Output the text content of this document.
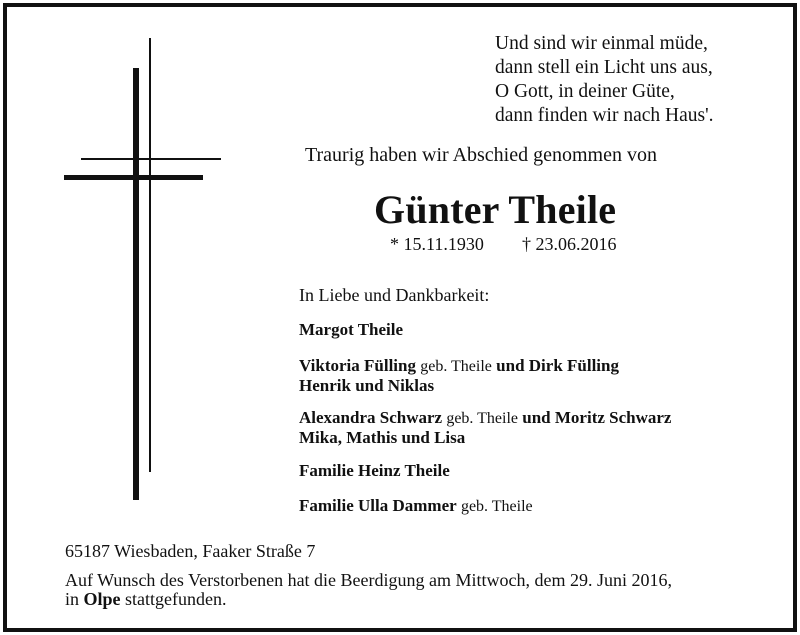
Und sind wir einmal müde,
dann stell ein Licht uns aus,
O Gott, in deiner Güte,
dann finden wir nach Haus'.
Traurig haben wir Abschied genommen von
Günter Theile
* 15.11.1930 † 23.06.2016
In Liebe und Dankbarkeit:
Margot Theile
Viktoria Fülling geb. Theile und Dirk Fülling
Henrik und Niklas
Alexandra Schwarz geb. Theile und Moritz Schwarz
Mika, Mathis und Lisa
Familie Heinz Theile
Familie Ulla Dammer geb. Theile
65187 Wiesbaden, Faaker Straße 7
Auf Wunsch des Verstorbenen hat die Beerdigung am Mittwoch, dem 29. Juni 2016,
in Olpe stattgefunden.
